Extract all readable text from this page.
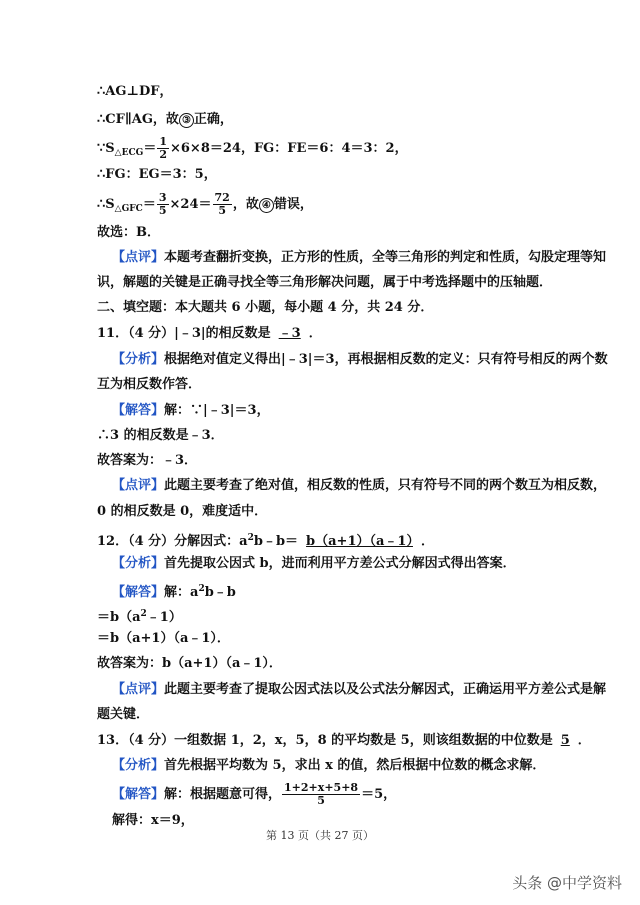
∴AG⊥DF，
∴CF∥AG，故 ③ 正确，
$\because S_{\triangle ECG}= \frac{1}{2} \times 6\times 8=24$，FG：FE＝6：4＝3：2，
∴FG：EG＝3：5，
$\therefore S_{\triangle GFC}= \frac{3}{5} \times 24= \frac{72}{5}$ ，故 ④ 错误，
故选：B．
【点评】本题考查翻折变换，正方形的性质，全等三角形的判定和性质，勾股定理等知
识，解题的关键是正确寻找全等三角形解决问题，属于中考选择题中的压轴题．
二、填空题：本大题共 6 小题，每小题 4 分，共 24 分．
11．（4 分）|﹣3|的相反数是 ﹣3 ．
【分析】根据绝对值定义得出|﹣3|＝3，再根据相反数的定义：只有符号相反的两个数
互为相反数作答．
【解答】解：∵|﹣3|＝3，
∴3 的相反数是﹣3．
故答案为：﹣3．
【点评】此题主要考查了绝对值，相反数的性质，只有符号不同的两个数互为相反数，
0 的相反数是 0，难度适中．
12．（4 分）分解因式：$a^2b﹣b=$ b（a+1）（a﹣1） ．
【分析】首先提取公因式 b，进而利用平方差公式分解因式得出答案．
【解答】解：$a^2b﹣b$
$=b(a^2﹣1)$
＝b（a+1）（a﹣1）．
故答案为：b（a+1）（a﹣1）．
【点评】此题主要考查了提取公因式法以及公式法分解因式，正确运用平方差公式是解
题关键．
13．（4 分）一组数据 1，2，x，5，8 的平均数是 5，则该组数据的中位数是 5 ．
【分析】首先根据平均数为 5，求出 x 的值，然后根据中位数的概念求解．
【解答】解：根据题意可得， $\frac{1+2+x+5+8}{5} =5$，
解得：x＝9，
第 13 页（共 27 页）
头条 @中学资料
